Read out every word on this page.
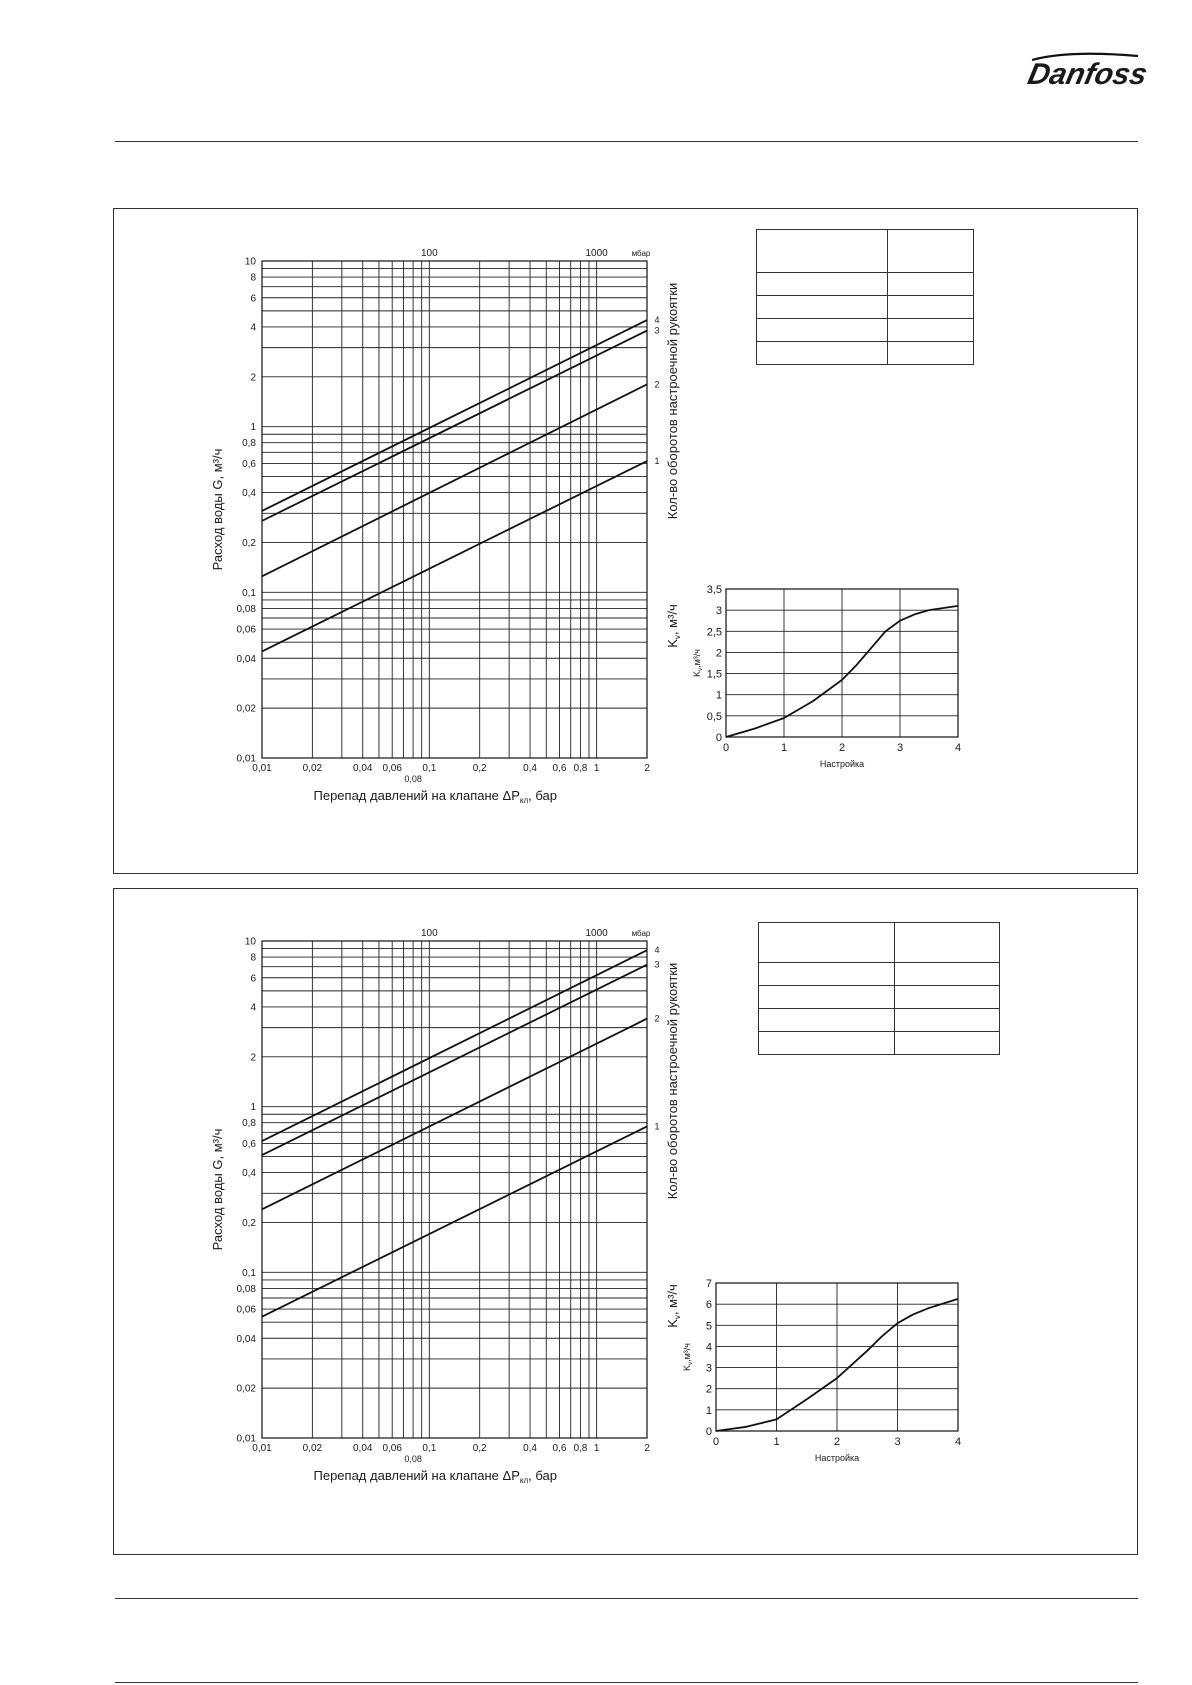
Danfoss
10
8
6
4
2
1
0,8
0,6
0,4
0,2
0,1
0,08
0,06
0,04
0,02
0,01
0,01	0,02	0,04 0,06 0,1	0,2	0,4 0,6 0,8 1	2
0,08
100	1000	мбар
4
3
2
1
Расход воды G, м³/ч	Кол-во оборотов настроечной рукоятки
$K_v$, м³/ч
Перепад давлений на клапане $\Delta P_{кл}$, бар

0	1	2	3	4
0
0,5
1
1,5
2
2,5
3
3,5
Настройка
$K_v,м^3/ч$
10
8
6
4
2
1
0,8
0,6
0,4
0,2
0,1
0,08
0,06
0,04
0,02
0,01
0,01	0,02	0,04 0,06 0,1	0,2	0,4 0,6 0,8 1	2
0,08
100	1000	мбар
4
3
2
1
Расход воды G, м³/ч	Кол-во оборотов настроечной рукоятки
$K_v$, м³/ч
Перепад давлений на клапане $\Delta P_{кл}$, бар

0	1	2	3	4
0
1
2
3
4
5
6
7
Настройка
$K_v,м^3/ч$
